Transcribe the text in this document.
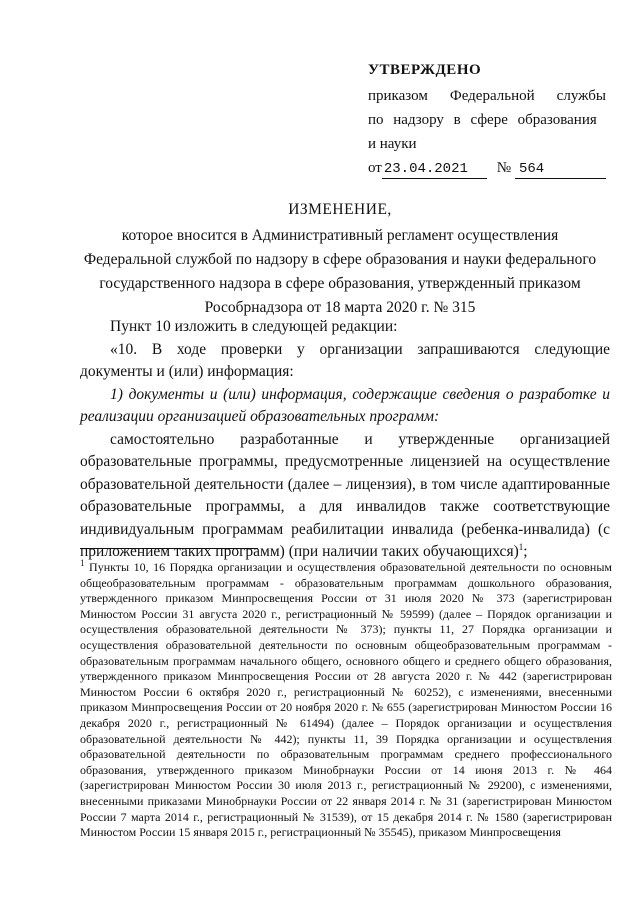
УТВЕРЖДЕНО
приказом Федеральной службы
по надзору в сфере образования
и науки
от 23.04.2021	№ 564
ИЗМЕНЕНИЕ,
которое вносится в Административный регламент осуществления
Федеральной службой по надзору в сфере образования и науки федерального
государственного надзора в сфере образования, утвержденный приказом
Рособрнадзора от 18 марта 2020 г. № 315

Пункт 10 изложить в следующей редакции:

«10. В ходе проверки у организации запрашиваются следующие документы и (или) информация:

1) документы и (или) информация, содержащие сведения о разработке и реализации организацией образовательных программ:

самостоятельно разработанные и утвержденные организацией образовательные программы, предусмотренные лицензией на осуществление образовательной деятельности (далее – лицензия), в том числе адаптированные образовательные программы, а для инвалидов также соответствующие индивидуальным программам реабилитации инвалида (ребенка-инвалида) (с приложением таких программ) (при наличии таких обучающихся)$^1$;

$^1$ Пункты 10, 16 Порядка организации и осуществления образовательной деятельности по основным общеобразовательным программам - образовательным программам дошкольного образования, утвержденного приказом Минпросвещения России от 31 июля 2020 № 373 (зарегистрирован Минюстом России 31 августа 2020 г., регистрационный № 59599) (далее – Порядок организации и осуществления образовательной деятельности № 373); пункты 11, 27 Порядка организации и осуществления образовательной деятельности по основным общеобразовательным программам - образовательным программам начального общего, основного общего и среднего общего образования, утвержденного приказом Минпросвещения России от 28 августа 2020 г. № 442 (зарегистрирован Минюстом России 6 октября 2020 г., регистрационный № 60252), с изменениями, внесенными приказом Минпросвещения России от 20 ноября 2020 г. № 655 (зарегистрирован Минюстом России 16 декабря 2020 г., регистрационный № 61494) (далее – Порядок организации и осуществления образовательной деятельности № 442); пункты 11, 39 Порядка организации и осуществления образовательной деятельности по образовательным программам среднего профессионального образования, утвержденного приказом Минобрнауки России от 14 июня 2013 г. № 464 (зарегистрирован Минюстом России 30 июля 2013 г., регистрационный № 29200), с изменениями, внесенными приказами Минобрнауки России от 22 января 2014 г. № 31 (зарегистрирован Минюстом России 7 марта 2014 г., регистрационный № 31539), от 15 декабря 2014 г. № 1580 (зарегистрирован Минюстом России 15 января 2015 г., регистрационный № 35545), приказом Минпросвещения
